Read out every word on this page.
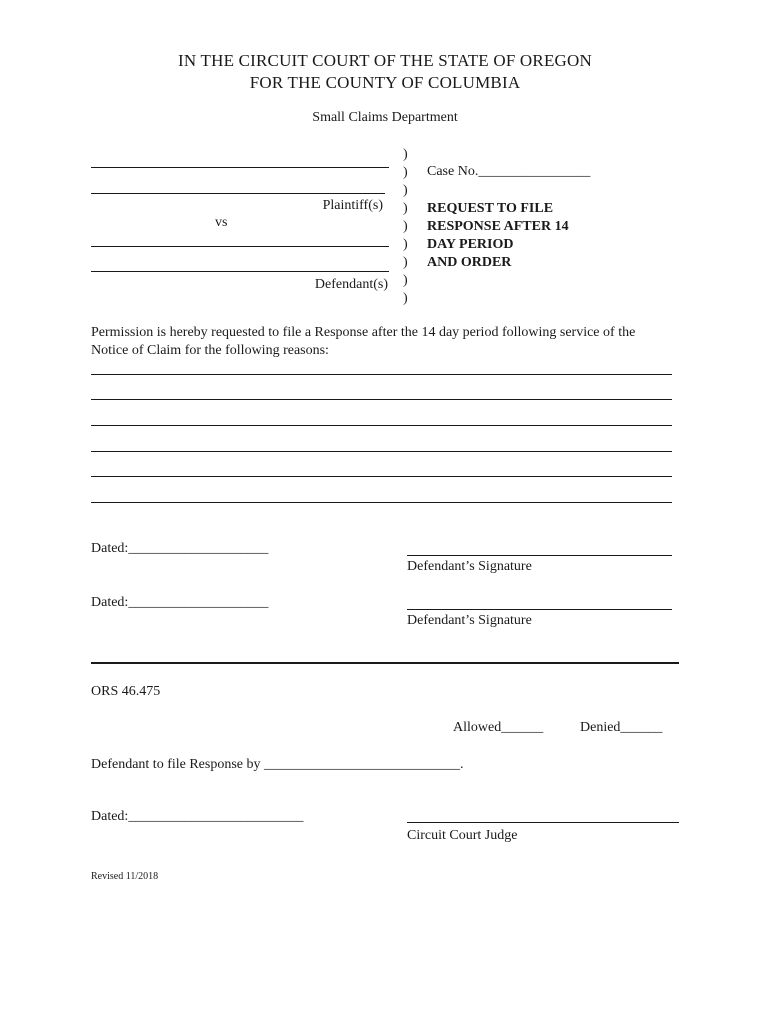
IN THE CIRCUIT COURT OF THE STATE OF OREGON
FOR THE COUNTY OF COLUMBIA
Small Claims Department
Plaintiff(s)
vs
Defendant(s)
)
)
)
)
)
)
)
)
)
Case No.________________
REQUEST TO FILE
RESPONSE AFTER 14
DAY PERIOD
AND ORDER
Permission is hereby requested to file a Response after the 14 day period following service of the
Notice of Claim for the following reasons:
Dated:____________________
Defendant’s Signature
Dated:____________________
Defendant’s Signature
ORS 46.475
Allowed______	Denied______
Defendant to file Response by ____________________________.
Dated:_________________________
Circuit Court Judge
Revised 11/2018
